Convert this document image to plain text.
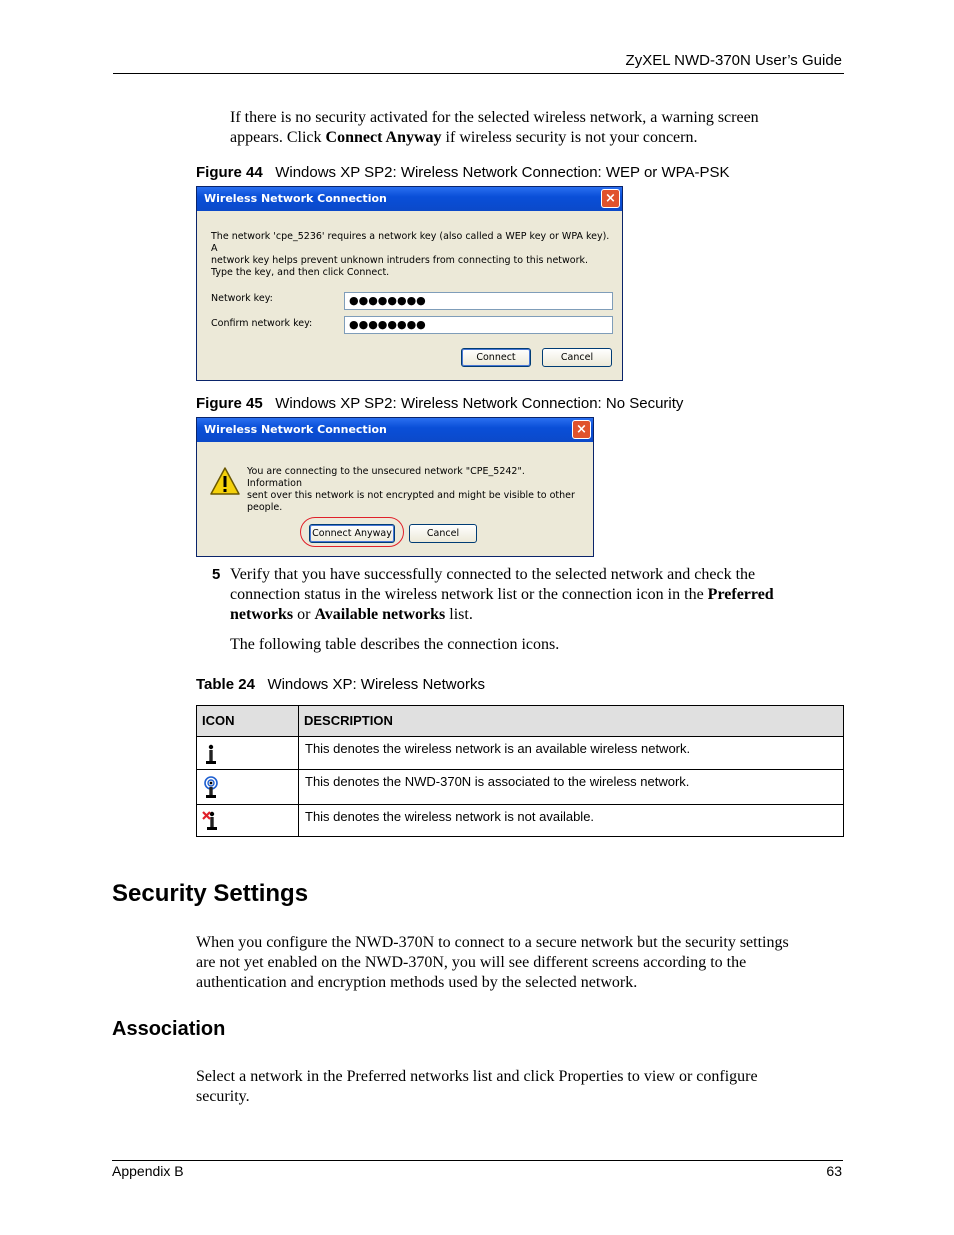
ZyXEL NWD-370N User’s Guide
If there is no security activated for the selected wireless network, a warning screen
appears. Click Connect Anyway if wireless security is not your concern.
Figure 44 Windows XP SP2: Wireless Network Connection: WEP or WPA-PSK
Wireless Network Connection	×
The network 'cpe_5236' requires a network key (also called a WEP key or WPA key). A
network key helps prevent unknown intruders from connecting to this network.
Type the key, and then click Connect.
Network key:	●●●●●●●●
Confirm network key:	●●●●●●●●
Connect	Cancel
Figure 45 Windows XP SP2: Wireless Network Connection: No Security
Wireless Network Connection	×
You are connecting to the unsecured network "CPE_5242". Information
sent over this network is not encrypted and might be visible to other
people.
Connect Anyway	Cancel
5 Verify that you have successfully connected to the selected network and check the
connection status in the wireless network list or the connection icon in the Preferred
networks or Available networks list.
The following table describes the connection icons.
Table 24 Windows XP: Wireless Networks
ICON	DESCRIPTION

	This denotes the wireless network is an available wireless network.

	This denotes the NWD-370N is associated to the wireless network.

	This denotes the wireless network is not available.
Security Settings
When you configure the NWD-370N to connect to a secure network but the security settings
are not yet enabled on the NWD-370N, you will see different screens according to the
authentication and encryption methods used by the selected network.
Association
Select a network in the Preferred networks list and click Properties to view or configure
security.
Appendix B	63
